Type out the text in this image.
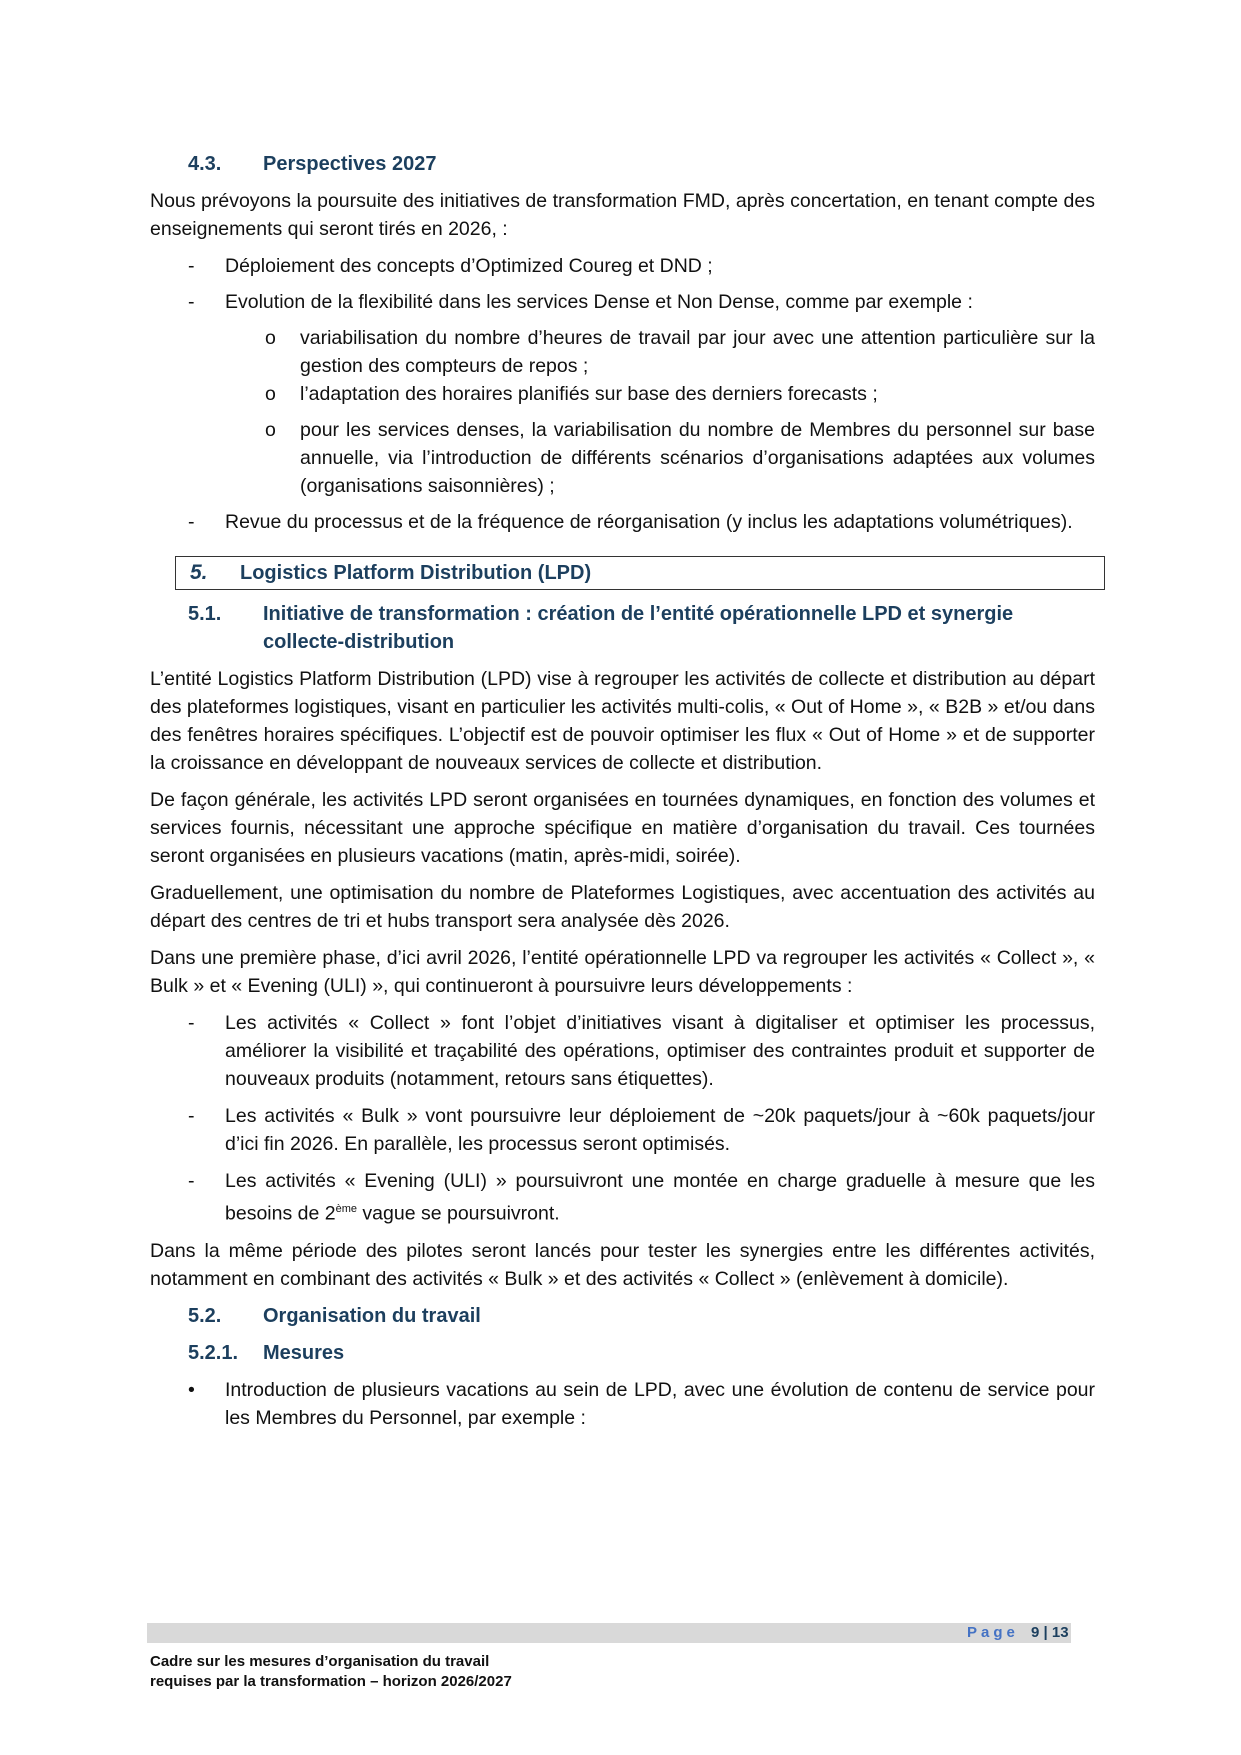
4.3.	Perspectives 2027

Nous prévoyons la poursuite des initiatives de transformation FMD, après concertation, en tenant compte des enseignements qui seront tirés en 2026, :

-	Déploiement des concepts d’Optimized Coureg et DND ;
-	Evolution de la flexibilité dans les services Dense et Non Dense, comme par exemple :
o	variabilisation du nombre d’heures de travail par jour avec une attention particulière sur la gestion des compteurs de repos ;
o	l’adaptation des horaires planifiés sur base des derniers forecasts ;
o	pour les services denses, la variabilisation du nombre de Membres du personnel sur base annuelle, via l’introduction de différents scénarios d’organisations adaptées aux volumes (organisations saisonnières) ;
-	Revue du processus et de la fréquence de réorganisation (y inclus les adaptations volumétriques).
5.	Logistics Platform Distribution (LPD)
5.1.	Initiative de transformation : création de l’entité opérationnelle LPD et synergie collecte-distribution

L’entité Logistics Platform Distribution (LPD) vise à regrouper les activités de collecte et distribution au départ des plateformes logistiques, visant en particulier les activités multi-colis, « Out of Home », « B2B » et/ou dans des fenêtres horaires spécifiques. L’objectif est de pouvoir optimiser les flux « Out of Home » et de supporter la croissance en développant de nouveaux services de collecte et distribution.

De façon générale, les activités LPD seront organisées en tournées dynamiques, en fonction des volumes et services fournis, nécessitant une approche spécifique en matière d’organisation du travail. Ces tournées seront organisées en plusieurs vacations (matin, après-midi, soirée).

Graduellement, une optimisation du nombre de Plateformes Logistiques, avec accentuation des activités au départ des centres de tri et hubs transport sera analysée dès 2026.

Dans une première phase, d’ici avril 2026, l’entité opérationnelle LPD va regrouper les activités « Collect », « Bulk » et « Evening (ULI) », qui continueront à poursuivre leurs développements :

-	Les activités « Collect » font l’objet d’initiatives visant à digitaliser et optimiser les processus, améliorer la visibilité et traçabilité des opérations, optimiser des contraintes produit et supporter de nouveaux produits (notamment, retours sans étiquettes).
-	Les activités « Bulk » vont poursuivre leur déploiement de ~20k paquets/jour à ~60k paquets/jour d’ici fin 2026. En parallèle, les processus seront optimisés.
-	Les activités « Evening (ULI) » poursuivront une montée en charge graduelle à mesure que les besoins de 2ème vague se poursuivront.

Dans la même période des pilotes seront lancés pour tester les synergies entre les différentes activités, notamment en combinant des activités « Bulk » et des activités « Collect » (enlèvement à domicile).

5.2.	Organisation du travail
5.2.1.	Mesures
•	Introduction de plusieurs vacations au sein de LPD, avec une évolution de contenu de service pour les Membres du Personnel, par exemple :
Page 9 | 13
Cadre sur les mesures d’organisation du travail
requises par la transformation – horizon 2026/2027
